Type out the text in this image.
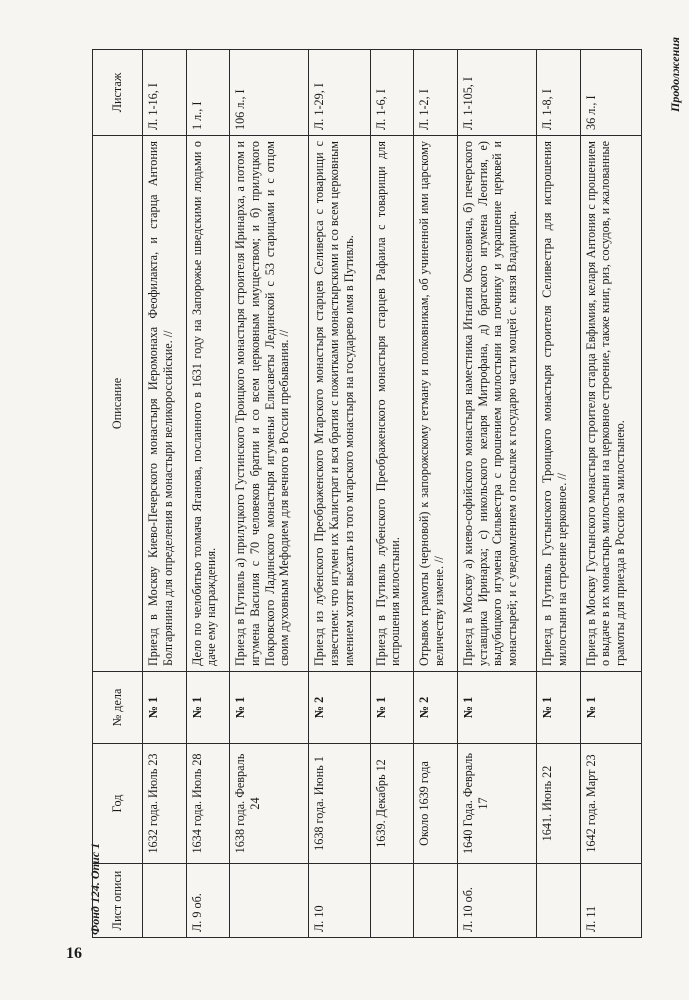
16
Фонд 124. Опис 1
Продолжения
Лист описи	Год	№ дела	Описание	Листаж
	1632 года. Июль 23	№ 1	Приезд в Москву Киево-Печерского монастыря Иеромонаха Феофилакта, и старца Антония Болгарянина для определения в монастыри великороссийские. //	Л. 1-16, I
Л. 9 об.	1634 года. Июль 28	№ 1	Дело по челобитью толмача Яганова, посланного в 1631 году на Запорожье шведскими людьми о даче ему награждения.	1 л., I
	1638 года. Февраль 24	№ 1	Приезд в Путивль а) прилуцкого Густинского Троицкого монастыря строителя Иринарха, а потом и игумена Василия с 70 человеков братии и со всем церковным имуществом; и б) прилуцкого Покровского Ладинского монастыря игуменьи Елисаветы Лединской с 53 старицами и с отцом своим духовным Мефодием для вечного в России пребывания. //	106 л., I
Л. 10	1638 года. Июнь 1	№ 2	Приезд из лубенского Преображенского Мгарского монастыря старцев Селиверса с товарищи с известием: что игумен их Калистрат и вся братия с пожитками монастырскими и со всем церковным имением хотят выехать из того мгарского монастыря на государево имя в Путивль.	Л. 1-29, I
	1639. Декабрь 12	№ 1	Приезд в Путивль лубенского Преображенского монастыря старцев Рафаила с товарищи для испрошения милостыни.	Л. 1-6, I
	Около 1639 года	№ 2	Отрывок грамоты (черновой) к запорожскому гетману и полковникам, об учиненной ими царскому величеству измене. //	Л. 1-2, I
Л. 10 об.	1640 Года. Февраль 17	№ 1	Приезд в Москву а) киево-софийского монастыря наместника Игнатия Оксеновича, б) печерского уставщика Иринарха; с) никольского келаря Митрофана, д) братского игумена Леонтия, е) выдубицкого игумена Сильвестра с прошением милостыни на починку и украшение церквей и монастырей; и с уведомлением о посылке к государю части мощей с. князя Владимира.	Л. 1-105, I
	1641. Июнь 22	№ 1	Приезд в Путивль Густынского Троицкого монастыря строителя Селивестра для испрошения милостыни на строение церковное. //	Л. 1-8, I
Л. 11	1642 года. Март 23	№ 1	Приезд в Москву Густынского монастыря строителя старца Евфимия, келаря Антония с прошением о выдаче в их монастырь милостыни на церковное строение, также книг, риз, сосудов, и жалованные грамоты для приезда в Россию за милостынею.	36 л., I
